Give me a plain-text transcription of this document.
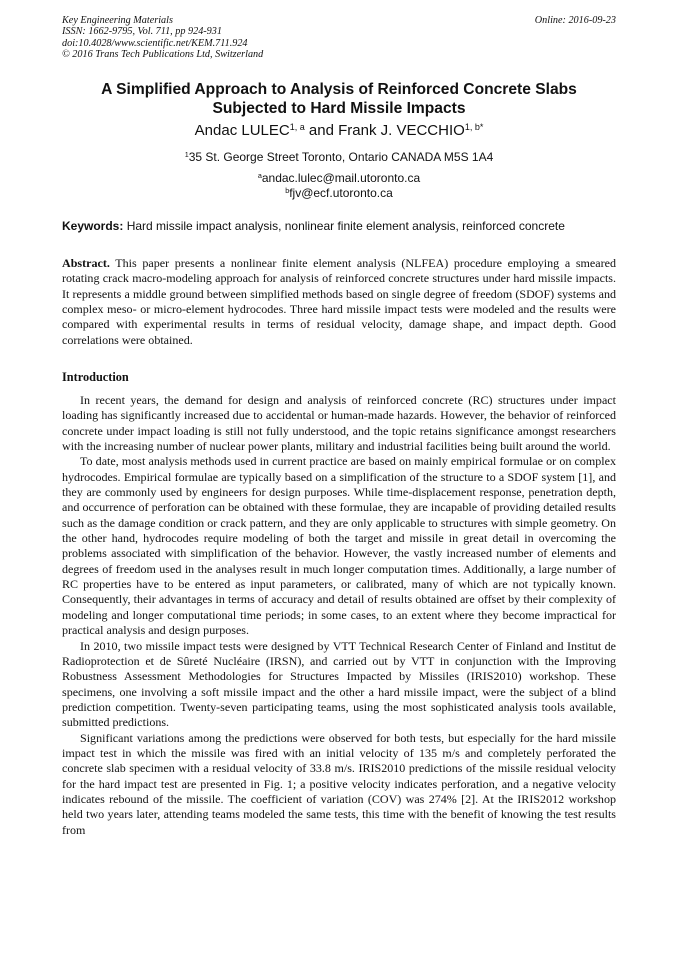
Key Engineering Materials
ISSN: 1662-9795, Vol. 711, pp 924-931
doi:10.4028/www.scientific.net/KEM.711.924
© 2016 Trans Tech Publications Ltd, Switzerland
Online: 2016-09-23
A Simplified Approach to Analysis of Reinforced Concrete Slabs
Subjected to Hard Missile Impacts
Andac LULEC$^{1, a}$ and Frank J. $VECCHIO^{1, b*}$
$^1$35 St. George Street Toronto, Ontario CANADA M5S 1A4
$^a$andac.lulec@mail.utoronto.ca
$^b$fjv@ecf.utoronto.ca
Keywords: Hard missile impact analysis, nonlinear finite element analysis, reinforced concrete
Abstract. This paper presents a nonlinear finite element analysis (NLFEA) procedure employing a smeared rotating crack macro-modeling approach for analysis of reinforced concrete structures under hard missile impacts. It represents a middle ground between simplified methods based on single degree of freedom (SDOF) systems and complex meso- or micro-element hydrocodes. Three hard missile impact tests were modeled and the results were compared with experimental results in terms of residual velocity, damage shape, and impact depth. Good correlations were obtained.
Introduction

In recent years, the demand for design and analysis of reinforced concrete (RC) structures under impact loading has significantly increased due to accidental or human-made hazards. However, the behavior of reinforced concrete under impact loading is still not fully understood, and the topic retains significance amongst researchers with the increasing number of nuclear power plants, military and industrial facilities being built around the world.

To date, most analysis methods used in current practice are based on mainly empirical formulae or on complex hydrocodes. Empirical formulae are typically based on a simplification of the structure to a SDOF system [1], and they are commonly used by engineers for design purposes. While time-displacement response, penetration depth, and occurrence of perforation can be obtained with these formulae, they are incapable of providing detailed results such as the damage condition or crack pattern, and they are only applicable to structures with simple geometry. On the other hand, hydrocodes require modeling of both the target and missile in great detail in overcoming the problems associated with simplification of the behavior. However, the vastly increased number of elements and degrees of freedom used in the analyses result in much longer computation times. Additionally, a large number of RC properties have to be entered as input parameters, or calibrated, many of which are not typically known. Consequently, their advantages in terms of accuracy and detail of results obtained are offset by their complexity of modeling and longer computational time periods; in some cases, to an extent where they become impractical for practical analysis and design purposes.

In 2010, two missile impact tests were designed by VTT Technical Research Center of Finland and Institut de Radioprotection et de Sûreté Nucléaire (IRSN), and carried out by VTT in conjunction with the Improving Robustness Assessment Methodologies for Structures Impacted by Missiles (IRIS2010) workshop. These specimens, one involving a soft missile impact and the other a hard missile impact, were the subject of a blind prediction competition. Twenty-seven participating teams, using the most sophisticated analysis tools available, submitted predictions.

Significant variations among the predictions were observed for both tests, but especially for the hard missile impact test in which the missile was fired with an initial velocity of 135 m/s and completely perforated the concrete slab specimen with a residual velocity of 33.8 m/s. IRIS2010 predictions of the missile residual velocity for the hard impact test are presented in Fig. 1; a positive velocity indicates perforation, and a negative velocity indicates rebound of the missile. The coefficient of variation (COV) was 274% [2]. At the IRIS2012 workshop held two years later, attending teams modeled the same tests, this time with the benefit of knowing the test results from
